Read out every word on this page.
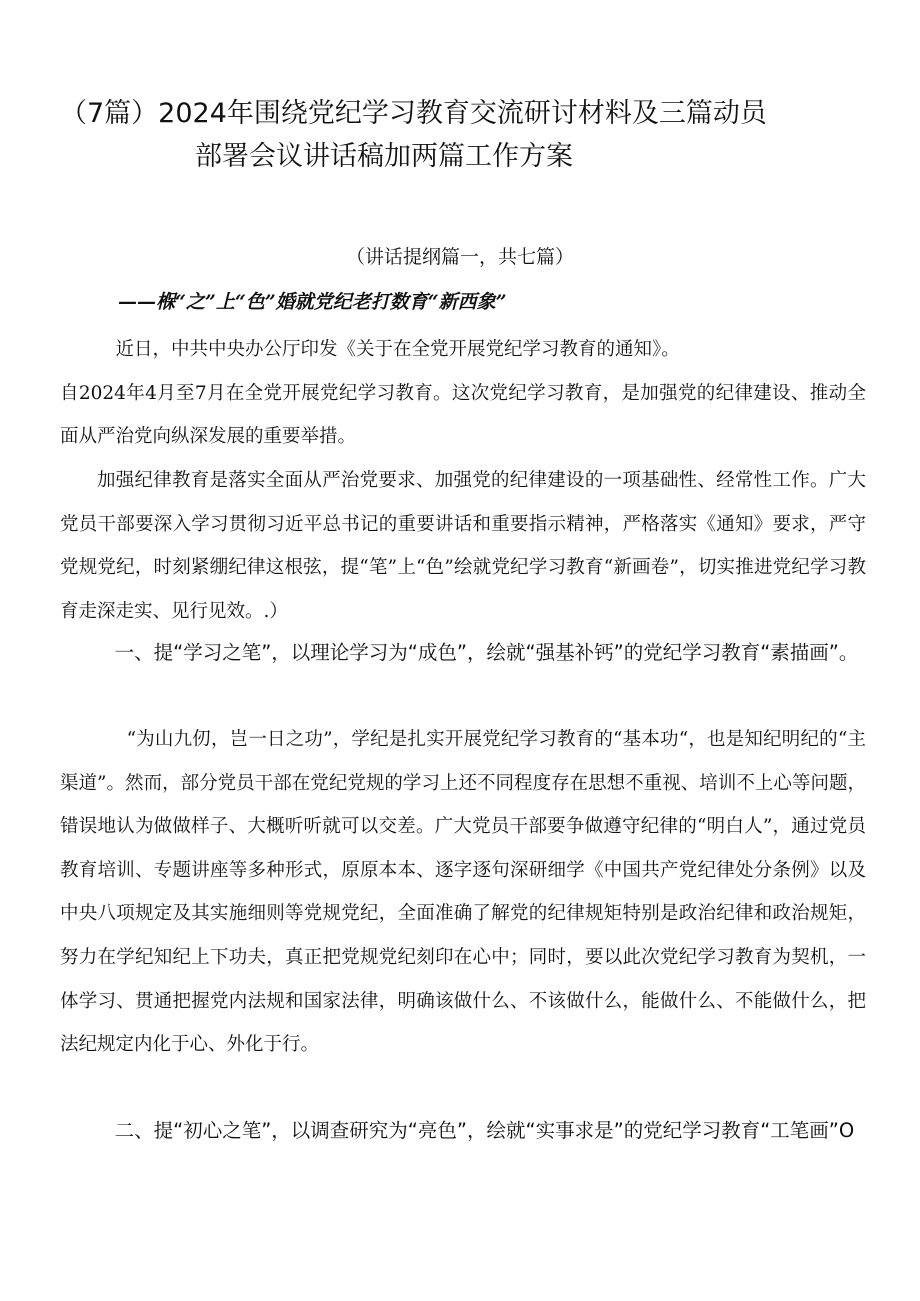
（7篇）2024年围绕党纪学习教育交流研讨材料及三篇动员
部署会议讲话稿加两篇工作方案
（讲话提纲篇一，共七篇）
——椺“之”上“色”婚就党纪老打数育“新西象”

近日，中共中央办公厅印发《关于在全党开展党纪学习教育的通知》。

自2024年4月至7月在全党开展党纪学习教育。这次党纪学习教育，是加强党的纪律建设、推动全面从严治党向纵深发展的重要举措。

加强纪律教育是落实全面从严治党要求、加强党的纪律建设的一项基础性、经常性工作。广大党员干部要深入学习贯彻习近平总书记的重要讲话和重要指示精神，严格落实《通知》要求，严守党规党纪，时刻紧绷纪律这根弦，提“笔”上“色”绘就党纪学习教育“新画卷”，切实推进党纪学习教育走深走实、见行见效。.）

一、提“学习之笔”，以理论学习为“成色”，绘就“强基补钙”的党纪学习教育“素描画”。

“为山九仞，岂一日之功”，学纪是扎实开展党纪学习教育的“基本功“，也是知纪明纪的“主渠道”。然而，部分党员干部在党纪党规的学习上还不同程度存在思想不重视、培训不上心等问题，错误地认为做做样子、大概听听就可以交差。广大党员干部要争做遵守纪律的“明白人”，通过党员教育培训、专题讲座等多种形式，原原本本、逐字逐句深研细学《中国共产党纪律处分条例》以及中央八项规定及其实施细则等党规党纪，全面准确了解党的纪律规矩特别是政治纪律和政治规矩，努力在学纪知纪上下功夫，真正把党规党纪刻印在心中；同时，要以此次党纪学习教育为契机，一体学习、贯通把握党内法规和国家法律，明确该做什么、不该做什么，能做什么、不能做什么，把法纪规定内化于心、外化于行。

二、提“初心之笔”，以调查研究为“亮色”，绘就“实事求是”的党纪学习教育“工笔画”O
